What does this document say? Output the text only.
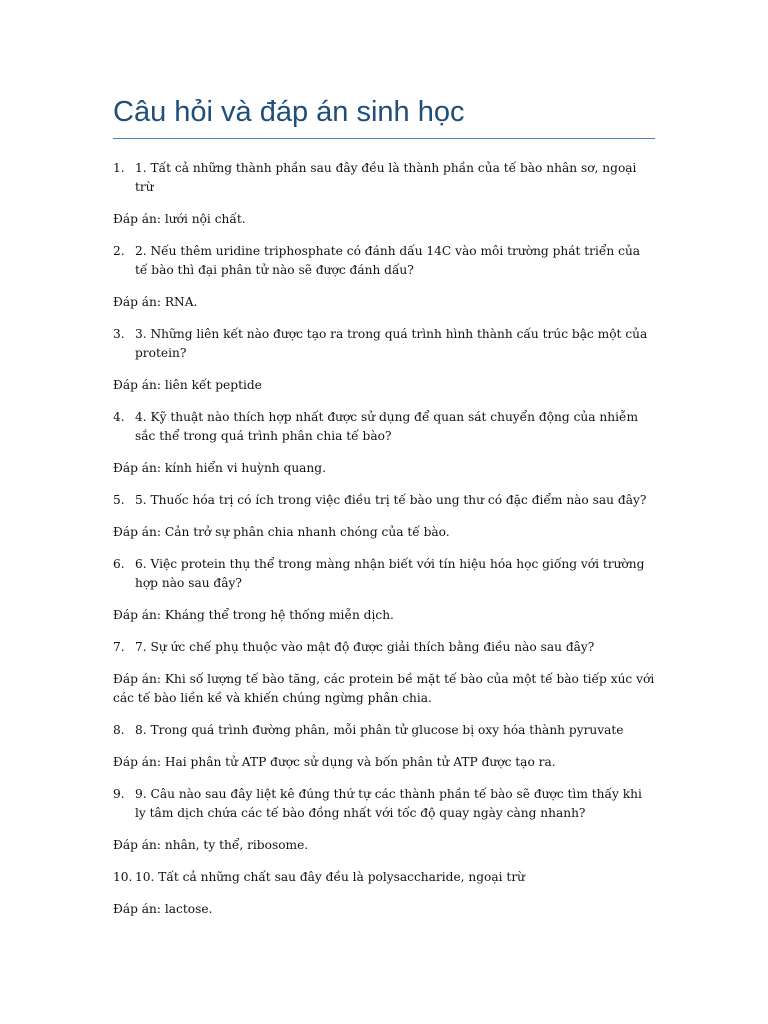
Câu hỏi và đáp án sinh học
1. 1. Tất cả những thành phần sau đây đều là thành phần của tế bào nhân sơ, ngoại trừ
Đáp án: lưới nội chất.
2. 2. Nếu thêm uridine triphosphate có đánh dấu 14C vào môi trường phát triển của tế bào thì đại phân tử nào sẽ được đánh dấu?
Đáp án: RNA.
3. 3. Những liên kết nào được tạo ra trong quá trình hình thành cấu trúc bậc một của protein?
Đáp án: liên kết peptide
4. 4. Kỹ thuật nào thích hợp nhất được sử dụng để quan sát chuyển động của nhiễm sắc thể trong quá trình phân chia tế bào?
Đáp án: kính hiển vi huỳnh quang.
5. 5. Thuốc hóa trị có ích trong việc điều trị tế bào ung thư có đặc điểm nào sau đây?
Đáp án: Cản trở sự phân chia nhanh chóng của tế bào.
6. 6. Việc protein thụ thể trong màng nhận biết với tín hiệu hóa học giống với trường hợp nào sau đây?
Đáp án: Kháng thể trong hệ thống miễn dịch.
7. 7. Sự ức chế phụ thuộc vào mật độ được giải thích bằng điều nào sau đây?
Đáp án: Khi số lượng tế bào tăng, các protein bề mặt tế bào của một tế bào tiếp xúc với các tế bào liền kề và khiến chúng ngừng phân chia.
8. 8. Trong quá trình đường phân, mỗi phân tử glucose bị oxy hóa thành pyruvate
Đáp án: Hai phân tử ATP được sử dụng và bốn phân tử ATP được tạo ra.
9. 9. Câu nào sau đây liệt kê đúng thứ tự các thành phần tế bào sẽ được tìm thấy khi ly tâm dịch chứa các tế bào đồng nhất với tốc độ quay ngày càng nhanh?
Đáp án: nhân, ty thể, ribosome.
10. 10. Tất cả những chất sau đây đều là polysaccharide, ngoại trừ
Đáp án: lactose.
